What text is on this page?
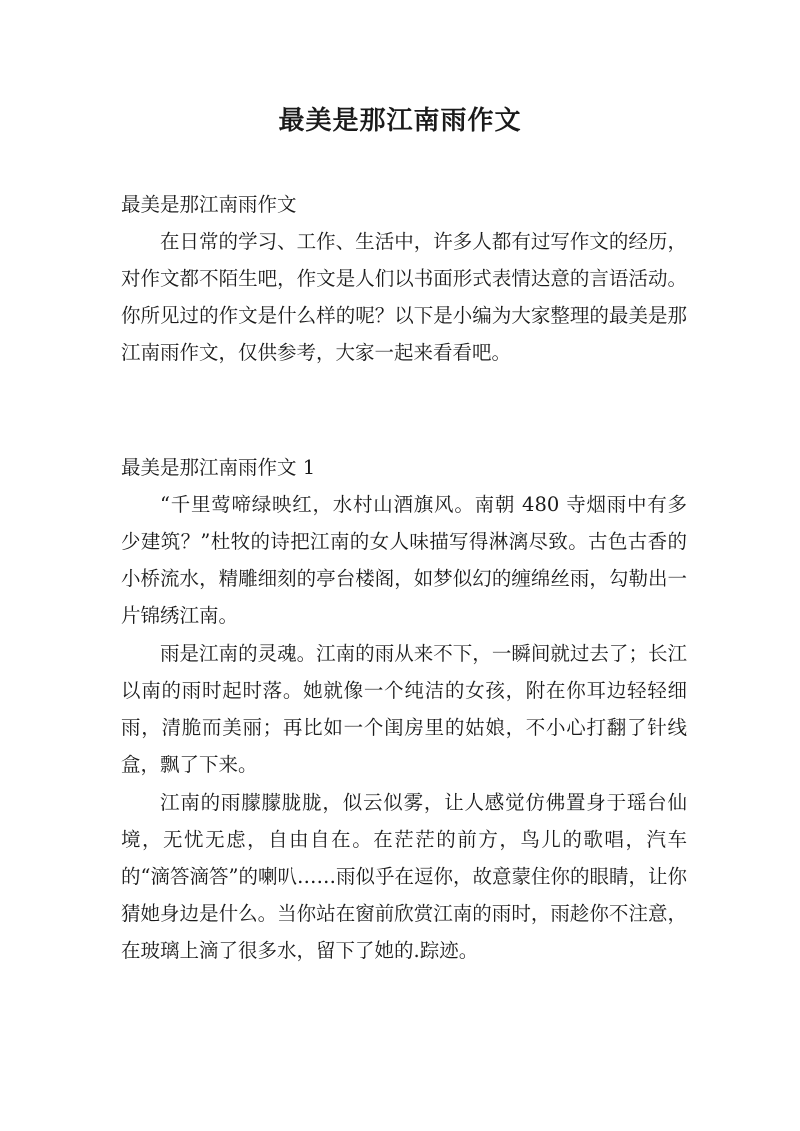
最美是那江南雨作文

最美是那江南雨作文

在日常的学习、工作、生活中，许多人都有过写作文的经历，对作文都不陌生吧，作文是人们以书面形式表情达意的言语活动。你所见过的作文是什么样的呢？以下是小编为大家整理的最美是那江南雨作文，仅供参考，大家一起来看看吧。

最美是那江南雨作文 1

“千里莺啼绿映红，水村山酒旗风。南朝 480 寺烟雨中有多少建筑？”杜牧的诗把江南的女人味描写得淋漓尽致。古色古香的小桥流水，精雕细刻的亭台楼阁，如梦似幻的缠绵丝雨，勾勒出一片锦绣江南。

雨是江南的灵魂。江南的雨从来不下，一瞬间就过去了；长江以南的雨时起时落。她就像一个纯洁的女孩，附在你耳边轻轻细雨，清脆而美丽；再比如一个闺房里的姑娘，不小心打翻了针线盒，飘了下来。

江南的雨朦朦胧胧，似云似雾，让人感觉仿佛置身于瑶台仙境，无忧无虑，自由自在。在茫茫的前方，鸟儿的歌唱，汽车的“滴答滴答”的喇叭……雨似乎在逗你，故意蒙住你的眼睛，让你猜她身边是什么。当你站在窗前欣赏江南的雨时，雨趁你不注意，在玻璃上滴了很多水，留下了她的.踪迹。
